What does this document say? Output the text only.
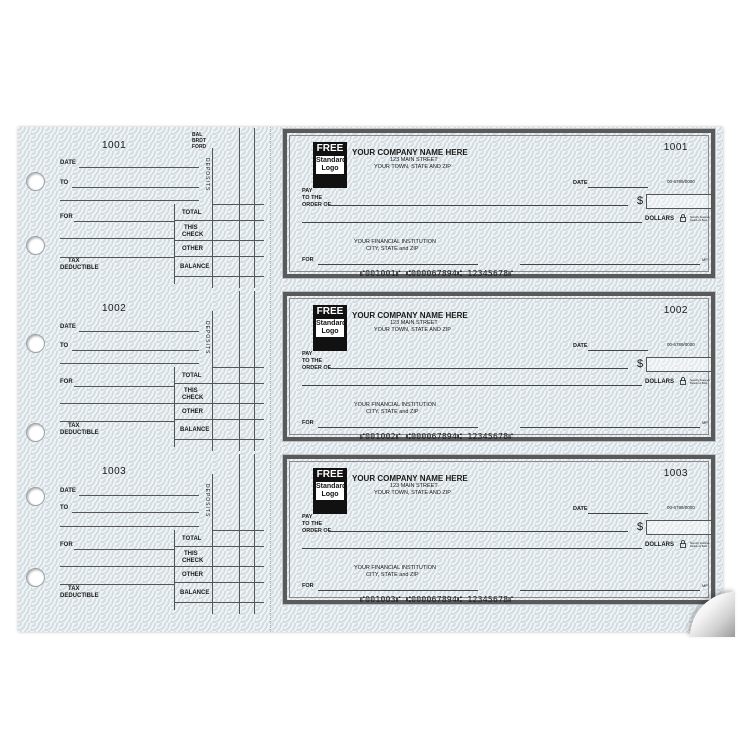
1001
BAL
BRDT
FORD
DATE
TO
FOR
TAX
DEDUCTIBLE
TOTAL
THIS
CHECK
OTHER
BALANCE
DEPOSITS
1002
DATE
TO
FOR
TAX
DEDUCTIBLE
TOTAL
THIS
CHECK
OTHER
BALANCE
DEPOSITS
1003
DATE
TO
FOR
TAX
DEDUCTIBLE
TOTAL
THIS
CHECK
OTHER
BALANCE
DEPOSITS
FREE
Standard
Logo
YOUR COMPANY NAME HERE
123 MAIN STREET
YOUR TOWN, STATE AND ZIP
1001
DATE	00-6789/0000
PAY
TO THE
ORDER OF	$
DOLLARS	Security Features Details on Back
YOUR FINANCIAL INSTITUTION
CITY, STATE and ZIP
FOR	MP
⑈001001⑈ ⑆000067894⑆ 12345678⑈
FREE
Standard
Logo
YOUR COMPANY NAME HERE
123 MAIN STREET
YOUR TOWN, STATE AND ZIP
1002
DATE	00-6789/0000
PAY
TO THE
ORDER OF	$
DOLLARS	Security Features Details on Back
YOUR FINANCIAL INSTITUTION
CITY, STATE and ZIP
FOR	MP
⑈001002⑈ ⑆000067894⑆ 12345678⑈
FREE
Standard
Logo
YOUR COMPANY NAME HERE
123 MAIN STREET
YOUR TOWN, STATE AND ZIP
1003
DATE	00-6789/0000
PAY
TO THE
ORDER OF	$
DOLLARS	Security Features Details on Back
YOUR FINANCIAL INSTITUTION
CITY, STATE and ZIP
FOR	MP
⑈001003⑈ ⑆000067894⑆ 12345678⑈
